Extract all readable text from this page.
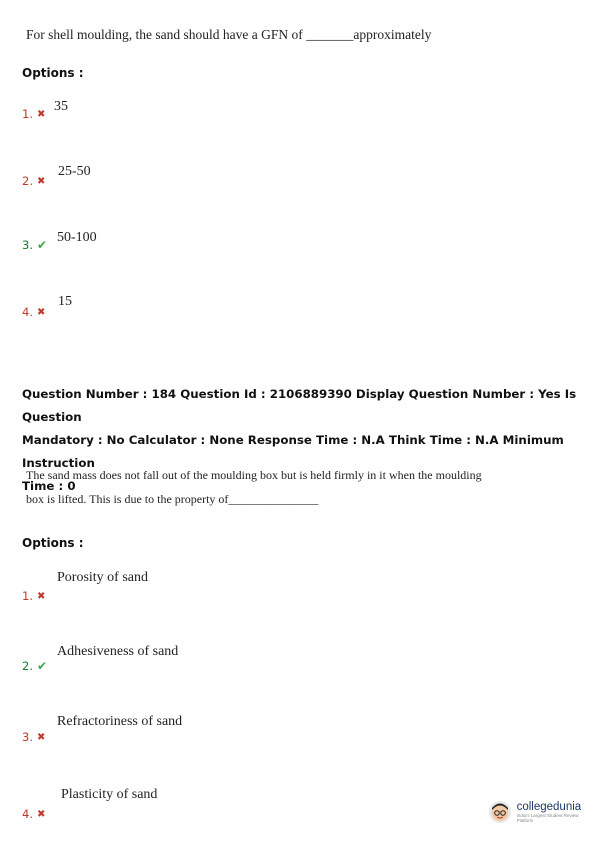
For shell moulding, the sand should have a GFN of _______approximately
Options :
1. ✖ 35
2. ✖
25-50
3. ✔ 50-100
4. ✖
15
Question Number : 184 Question Id : 2106889390 Display Question Number : Yes Is Question
Mandatory : No Calculator : None Response Time : N.A Think Time : N.A Minimum Instruction
Time : 0
The sand mass does not fall out of the moulding box but is held firmly in it when the moulding
box is lifted. This is due to the property of_______________
Options :
Porosity of sand
1. ✖
Adhesiveness of sand
2. ✔
Refractoriness of sand
3. ✖
Plasticity of sand
4. ✖
collegedunia
India's Largest Student Review Platform
